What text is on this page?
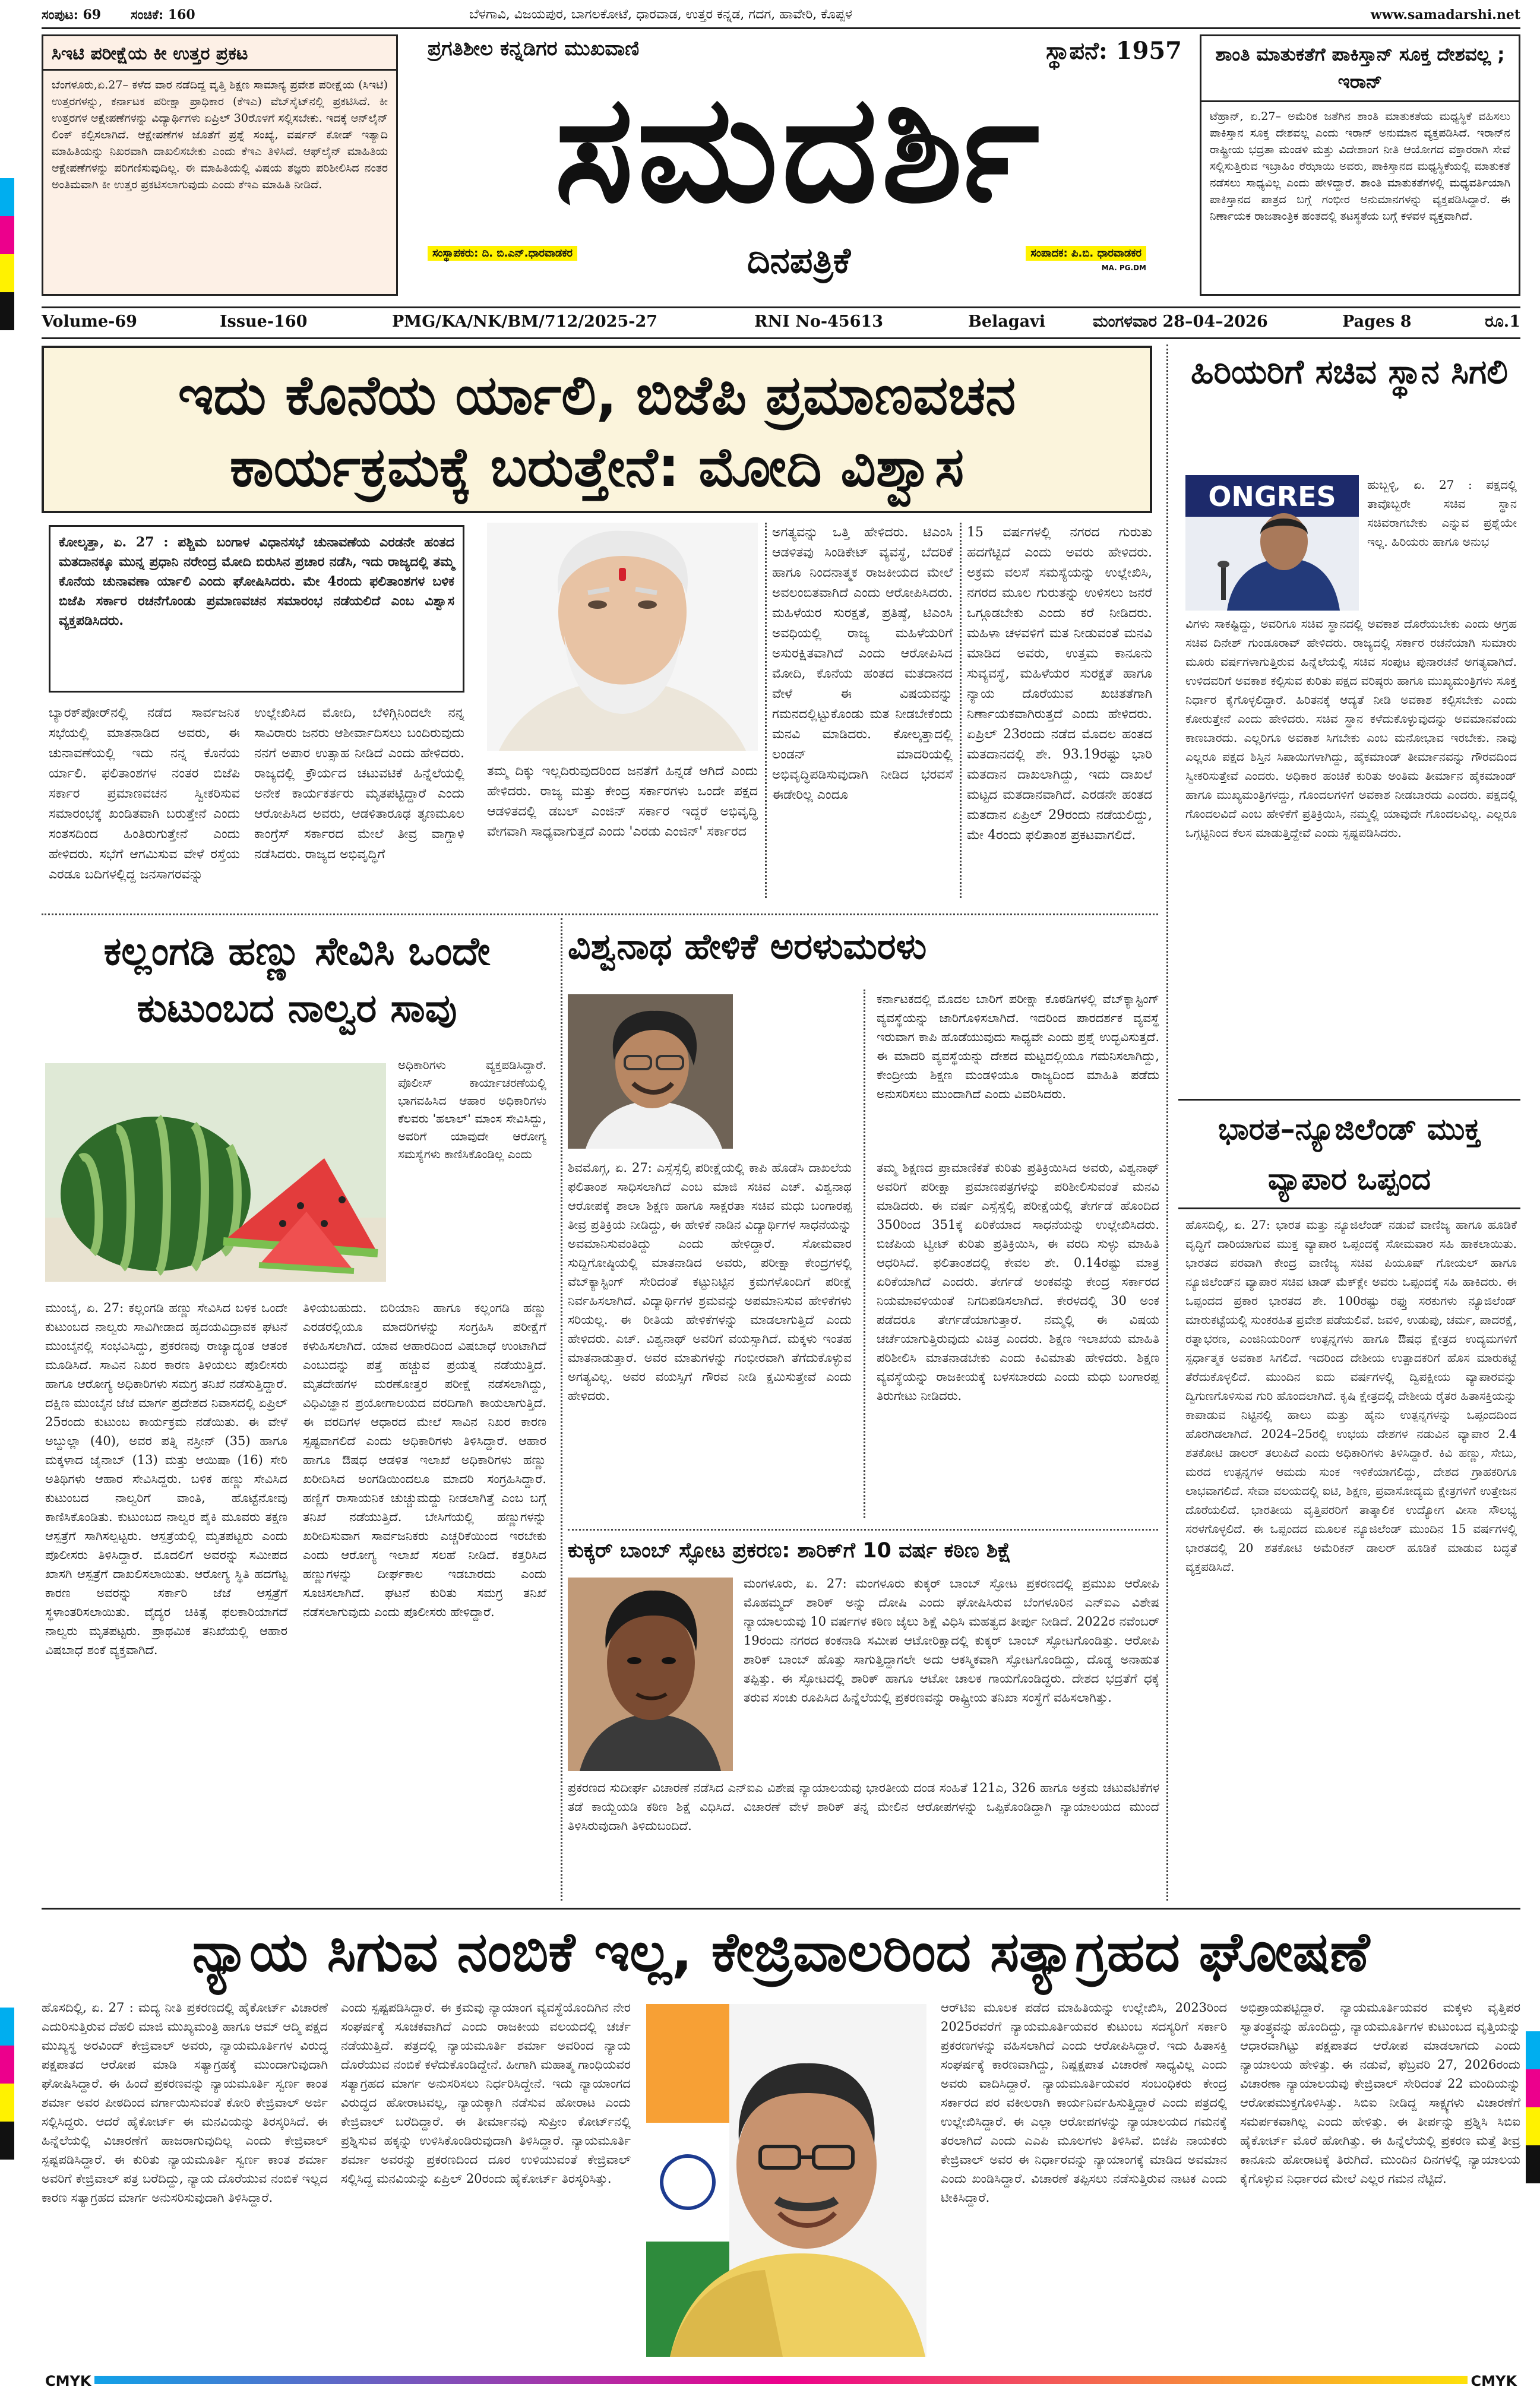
ಸಂಪುಟ: 69 ಸಂಚಿಕೆ: 160	ಬೆಳಗಾವಿ, ವಿಜಯಪುರ, ಬಾಗಲಕೋಟೆ, ಧಾರವಾಡ, ಉತ್ತರ ಕನ್ನಡ, ಗದಗ, ಹಾವೇರಿ, ಕೊಪ್ಪಳ	www.samadarshi.net
ಸಿಇಟಿ ಪರೀಕ್ಷೆಯ ಕೀ ಉತ್ತರ ಪ್ರಕಟ
ಬೆಂಗಳೂರು,ಏ.27– ಕಳೆದ ವಾರ ನಡೆದಿದ್ದ ವೃತ್ತಿ ಶಿಕ್ಷಣ ಸಾಮಾನ್ಯ ಪ್ರವೇಶ ಪರೀಕ್ಷೆಯ (ಸಿಇಟಿ) ಉತ್ತರಗಳನ್ನು, ಕರ್ನಾಟಕ ಪರೀಕ್ಷಾ ಪ್ರಾಧಿಕಾರ (ಕೆಇಎ) ವೆಬ್‌ಸೈಟ್‌ನಲ್ಲಿ ಪ್ರಕಟಿಸಿದೆ. ಕೀ ಉತ್ತರಗಳ ಆಕ್ಷೇಪಣೆಗಳನ್ನು ವಿದ್ಯಾರ್ಥಿಗಳು ಏಪ್ರಿಲ್ 30ರೊಳಗೆ ಸಲ್ಲಿಸಬೇಕು. ಇದಕ್ಕೆ ಆನ್‌ಲೈನ್ ಲಿಂಕ್ ಕಲ್ಪಿಸಲಾಗಿದೆ. ಆಕ್ಷೇಪಣೆಗಳ ಜೊತೆಗೆ ಪ್ರಶ್ನೆ ಸಂಖ್ಯೆ, ವರ್ಷನ್ ಕೋಡ್ ಇತ್ಯಾದಿ ಮಾಹಿತಿಯನ್ನು ನಿಖರವಾಗಿ ದಾಖಲಿಸಬೇಕು ಎಂದು ಕೆಇಎ ತಿಳಿಸಿದೆ. ಆಫ್‌ಲೈನ್ ಮಾಹಿತಿಯ ಆಕ್ಷೇಪಣೆಗಳನ್ನು ಪರಿಗಣಿಸುವುದಿಲ್ಲ. ಈ ಮಾಹಿತಿಯಲ್ಲಿ ವಿಷಯ ತಜ್ಞರು ಪರಿಶೀಲಿಸಿದ ನಂತರ ಅಂತಿಮವಾಗಿ ಕೀ ಉತ್ತರ ಪ್ರಕಟಿಸಲಾಗುವುದು ಎಂದು ಕೆಇಎ ಮಾಹಿತಿ ನೀಡಿದೆ.
ಪ್ರಗತಿಶೀಲ ಕನ್ನಡಿಗರ ಮುಖವಾಣಿ	ಸ್ಥಾಪನೆ: 1957
ಸಮದರ್ಶಿ
ಸಂಸ್ಥಾಪಕರು: ದಿ. ಬಿ.ಎನ್.ಧಾರವಾಡಕರ	ದಿನಪತ್ರಿಕೆ	ಸಂಪಾದಕ: ಪಿ.ಬಿ. ಧಾರವಾಡಕರ
MA. PG.DM
ಶಾಂತಿ ಮಾತುಕತೆಗೆ ಪಾಕಿಸ್ತಾನ್ ಸೂಕ್ತ ದೇಶವಲ್ಲ ; ಇರಾನ್
ಟೆಹ್ರಾನ್, ಏ.27– ಅಮೆರಿಕ ಜತೆಗಿನ ಶಾಂತಿ ಮಾತುಕತೆಯ ಮಧ್ಯಸ್ಥಿಕೆ ವಹಿಸಲು ಪಾಕಿಸ್ತಾನ ಸೂಕ್ತ ದೇಶವಲ್ಲ ಎಂದು ಇರಾನ್ ಅನುಮಾನ ವ್ಯಕ್ತಪಡಿಸಿದೆ. ಇರಾನ್‌ನ ರಾಷ್ಟ್ರೀಯ ಭದ್ರತಾ ಮಂಡಳಿ ಮತ್ತು ವಿದೇಶಾಂಗ ನೀತಿ ಆಯೋಗದ ವಕ್ತಾರರಾಗಿ ಸೇವೆ ಸಲ್ಲಿಸುತ್ತಿರುವ ಇಬ್ರಾಹಿಂ ರೆಝಾಯಿ ಅವರು, ಪಾಕಿಸ್ತಾನದ ಮಧ್ಯಸ್ಥಿಕೆಯಲ್ಲಿ ಮಾತುಕತೆ ನಡೆಸಲು ಸಾಧ್ಯವಿಲ್ಲ ಎಂದು ಹೇಳಿದ್ದಾರೆ. ಶಾಂತಿ ಮಾತುಕತೆಗಳಲ್ಲಿ ಮಧ್ಯವರ್ತಿಯಾಗಿ ಪಾಕಿಸ್ತಾನದ ಪಾತ್ರದ ಬಗ್ಗೆ ಗಂಭೀರ ಅನುಮಾನಗಳನ್ನು ವ್ಯಕ್ತಪಡಿಸಿದ್ದಾರೆ. ಈ ನಿರ್ಣಾಯಕ ರಾಜತಾಂತ್ರಿಕ ಹಂತದಲ್ಲಿ ತಟಸ್ಥತೆಯ ಬಗ್ಗೆ ಕಳವಳ ವ್ಯಕ್ತವಾಗಿದೆ.
Volume-69	Issue-160	PMG/KA/NK/BM/712/2025-27	RNI No-45613	Belagavi	ಮಂಗಳವಾರ 28–04–2026	Pages 8	ರೂ.1
ಇದು ಕೊನೆಯ ರ್ಯಾಲಿ, ಬಿಜೆಪಿ ಪ್ರಮಾಣವಚನ
ಕಾರ್ಯಕ್ರಮಕ್ಕೆ ಬರುತ್ತೇನೆ: ಮೋದಿ ವಿಶ್ವಾಸ
ಕೋಲ್ಕತ್ತಾ, ಏ. 27 : ಪಶ್ಚಿಮ ಬಂಗಾಳ ವಿಧಾನಸಭೆ ಚುನಾವಣೆಯ ಎರಡನೇ ಹಂತದ ಮತದಾನಕ್ಕೂ ಮುನ್ನ ಪ್ರಧಾನಿ ನರೇಂದ್ರ ಮೋದಿ ಬಿರುಸಿನ ಪ್ರಚಾರ ನಡೆಸಿ, ಇದು ರಾಜ್ಯದಲ್ಲಿ ತಮ್ಮ ಕೊನೆಯ ಚುನಾವಣಾ ರ್ಯಾಲಿ ಎಂದು ಘೋಷಿಸಿದರು. ಮೇ 4ರಂದು ಫಲಿತಾಂಶಗಳ ಬಳಿಕ ಬಿಜೆಪಿ ಸರ್ಕಾರ ರಚನೆಗೊಂಡು ಪ್ರಮಾಣವಚನ ಸಮಾರಂಭ ನಡೆಯಲಿದೆ ಎಂಬ ವಿಶ್ವಾಸ ವ್ಯಕ್ತಪಡಿಸಿದರು.
ಬ್ಯಾರಕ್‌ಪೋರ್‌ನಲ್ಲಿ ನಡೆದ ಸಾರ್ವಜನಿಕ ಸಭೆಯಲ್ಲಿ ಮಾತನಾಡಿದ ಅವರು, ಈ ಚುನಾವಣೆಯಲ್ಲಿ ಇದು ನನ್ನ ಕೊನೆಯ ರ್ಯಾಲಿ. ಫಲಿತಾಂಶಗಳ ನಂತರ ಬಿಜೆಪಿ ಸರ್ಕಾರ ಪ್ರಮಾಣವಚನ ಸ್ವೀಕರಿಸುವ ಸಮಾರಂಭಕ್ಕೆ ಖಂಡಿತವಾಗಿ ಬರುತ್ತೇನೆ ಎಂದು ಸಂತಸದಿಂದ ಹಿಂತಿರುಗುತ್ತೇನೆ ಎಂದು ಹೇಳಿದರು. ಸಭೆಗೆ ಆಗಮಿಸುವ ವೇಳೆ ರಸ್ತೆಯ ಎರಡೂ ಬದಿಗಳಲ್ಲಿದ್ದ ಜನಸಾಗರವನ್ನು
ಉಲ್ಲೇಖಿಸಿದ ಮೋದಿ, ಬೆಳಿಗ್ಗಿನಿಂದಲೇ ನನ್ನ ಸಾವಿರಾರು ಜನರು ಆಶೀರ್ವಾದಿಸಲು ಬಂದಿರುವುದು ನನಗೆ ಅಪಾರ ಉತ್ಸಾಹ ನೀಡಿದೆ ಎಂದು ಹೇಳಿದರು. ರಾಜ್ಯದಲ್ಲಿ ಕ್ರೌರ್ಯದ ಚಟುವಟಿಕೆ ಹಿನ್ನೆಲೆಯಲ್ಲಿ ಅನೇಕ ಕಾರ್ಯಕರ್ತರು ಮೃತಪಟ್ಟಿದ್ದಾರೆ ಎಂದು ಆರೋಪಿಸಿದ ಅವರು, ಆಡಳಿತಾರೂಢ ತೃಣಮೂಲ ಕಾಂಗ್ರೆಸ್ ಸರ್ಕಾರದ ಮೇಲೆ ತೀವ್ರ ವಾಗ್ದಾಳಿ ನಡೆಸಿದರು. ರಾಜ್ಯದ ಅಭಿವೃದ್ಧಿಗೆ
ತಮ್ಮ ದಿಕ್ಕು ಇಲ್ಲದಿರುವುದರಿಂದ ಜನತೆಗೆ ಹಿನ್ನಡೆ ಆಗಿದೆ ಎಂದು ಹೇಳಿದರು. ರಾಜ್ಯ ಮತ್ತು ಕೇಂದ್ರ ಸರ್ಕಾರಗಳು ಒಂದೇ ಪಕ್ಷದ ಆಡಳಿತದಲ್ಲಿ ಡಬಲ್ ಎಂಜಿನ್ ಸರ್ಕಾರ ಇದ್ದರೆ ಅಭಿವೃದ್ಧಿ ವೇಗವಾಗಿ ಸಾಧ್ಯವಾಗುತ್ತದೆ ಎಂದು 'ಎರಡು ಎಂಜಿನ್' ಸರ್ಕಾರದ
ಅಗತ್ಯವನ್ನು ಒತ್ತಿ ಹೇಳಿದರು. ಟಿಎಂಸಿ ಆಡಳಿತವು ಸಿಂಡಿಕೇಟ್ ವ್ಯವಸ್ಥೆ, ಬೆದರಿಕೆ ಹಾಗೂ ನಿಂದನಾತ್ಮಕ ರಾಜಕೀಯದ ಮೇಲೆ ಅವಲಂಬಿತವಾಗಿದೆ ಎಂದು ಆರೋಪಿಸಿದರು. ಮಹಿಳೆಯರ ಸುರಕ್ಷತೆ, ಪ್ರತಿಷ್ಠೆ, ಟಿಎಂಸಿ ಅವಧಿಯಲ್ಲಿ ರಾಜ್ಯ ಮಹಿಳೆಯರಿಗೆ ಅಸುರಕ್ಷಿತವಾಗಿದೆ ಎಂದು ಆರೋಪಿಸಿದ ಮೋದಿ, ಕೊನೆಯ ಹಂತದ ಮತದಾನದ ವೇಳೆ ಈ ವಿಷಯವನ್ನು ಗಮನದಲ್ಲಿಟ್ಟುಕೊಂಡು ಮತ ನೀಡಬೇಕೆಂದು ಮನವಿ ಮಾಡಿದರು. ಕೋಲ್ಕತ್ತಾದಲ್ಲಿ ಲಂಡನ್ ಮಾದರಿಯಲ್ಲಿ ಅಭಿವೃದ್ಧಿಪಡಿಸುವುದಾಗಿ ನೀಡಿದ ಭರವಸೆ ಈಡೇರಿಲ್ಲ ಎಂದೂ
15 ವರ್ಷಗಳಲ್ಲಿ ನಗರದ ಗುರುತು ಹದಗೆಟ್ಟಿದೆ ಎಂದು ಅವರು ಹೇಳಿದರು. ಅಕ್ರಮ ವಲಸೆ ಸಮಸ್ಯೆಯನ್ನು ಉಲ್ಲೇಖಿಸಿ, ನಗರದ ಮೂಲ ಗುರುತನ್ನು ಉಳಿಸಲು ಜನರೆ ಒಗ್ಗೂಡಬೇಕು ಎಂದು ಕರೆ ನೀಡಿದರು. ಮಹಿಳಾ ಚಳವಳಿಗೆ ಮತ ನೀಡುವಂತೆ ಮನವಿ ಮಾಡಿದ ಅವರು, ಉತ್ತಮ ಕಾನೂನು ಸುವ್ಯವಸ್ಥೆ, ಮಹಿಳೆಯರ ಸುರಕ್ಷತೆ ಹಾಗೂ ನ್ಯಾಯ ದೊರೆಯುವ ಖಚಿತತೆಗಾಗಿ ನಿರ್ಣಾಯಕವಾಗಿರುತ್ತದೆ ಎಂದು ಹೇಳಿದರು. ಏಪ್ರಿಲ್ 23ರಂದು ನಡೆದ ಮೊದಲ ಹಂತದ ಮತದಾನದಲ್ಲಿ ಶೇ. 93.19ರಷ್ಟು ಭಾರಿ ಮತದಾನ ದಾಖಲಾಗಿದ್ದು, ಇದು ದಾಖಲೆ ಮಟ್ಟದ ಮತದಾನವಾಗಿದೆ. ಎರಡನೇ ಹಂತದ ಮತದಾನ ಏಪ್ರಿಲ್ 29ರಂದು ನಡೆಯಲಿದ್ದು, ಮೇ 4ರಂದು ಫಲಿತಾಂಶ ಪ್ರಕಟವಾಗಲಿದೆ.
ಹಿರಿಯರಿಗೆ ಸಚಿವ ಸ್ಥಾನ ಸಿಗಲಿ
ONGRES	ಹುಬ್ಬಳ್ಳಿ, ಏ. 27 : ಪಕ್ಷದಲ್ಲಿ ತಾವೊಬ್ಬರೇ ಸಚಿವ ಸ್ಥಾನ ಸಚಿವರಾಗಬೇಕು ಎನ್ನುವ ಪ್ರಶ್ನೆಯೇ ಇಲ್ಲ. ಹಿರಿಯರು ಹಾಗೂ ಅನುಭ
ವಿಗಳು ಸಾಕಷ್ಟಿದ್ದು, ಅವರಿಗೂ ಸಚಿವ ಸ್ಥಾನದಲ್ಲಿ ಅವಕಾಶ ದೊರೆಯಬೇಕು ಎಂದು ಆಗ್ರಹ ಸಚಿವ ದಿನೇಶ್ ಗುಂಡೂರಾವ್ ಹೇಳಿದರು. ರಾಜ್ಯದಲ್ಲಿ ಸರ್ಕಾರ ರಚನೆಯಾಗಿ ಸುಮಾರು ಮೂರು ವರ್ಷಗಳಾಗುತ್ತಿರುವ ಹಿನ್ನೆಲೆಯಲ್ಲಿ ಸಚಿವ ಸಂಪುಟ ಪುನಾರಚನೆ ಅಗತ್ಯವಾಗಿದೆ. ಉಳಿದವರಿಗೆ ಅವಕಾಶ ಕಲ್ಪಿಸುವ ಕುರಿತು ಪಕ್ಷದ ವರಿಷ್ಠರು ಹಾಗೂ ಮುಖ್ಯಮಂತ್ರಿಗಳು ಸೂಕ್ತ ನಿರ್ಧಾರ ಕೈಗೊಳ್ಳಲಿದ್ದಾರೆ. ಹಿರಿತನಕ್ಕೆ ಆದ್ಯತೆ ನೀಡಿ ಅವಕಾಶ ಕಲ್ಪಿಸಬೇಕು ಎಂದು ಕೋರುತ್ತೇನೆ ಎಂದು ಹೇಳಿದರು. ಸಚಿವ ಸ್ಥಾನ ಕಳೆದುಕೊಳ್ಳುವುದನ್ನು ಅವಮಾನವೆಂದು ಕಾಣಬಾರದು. ಎಲ್ಲರಿಗೂ ಅವಕಾಶ ಸಿಗಬೇಕು ಎಂಬ ಮನೋಭಾವ ಇರಬೇಕು. ನಾವು ಎಲ್ಲರೂ ಪಕ್ಷದ ಶಿಸ್ತಿನ ಸಿಪಾಯಿಗಳಾಗಿದ್ದು, ಹೈಕಮಾಂಡ್ ತೀರ್ಮಾನವನ್ನು ಗೌರವದಿಂದ ಸ್ವೀಕರಿಸುತ್ತೇವೆ ಎಂದರು. ಅಧಿಕಾರ ಹಂಚಿಕೆ ಕುರಿತು ಅಂತಿಮ ತೀರ್ಮಾನ ಹೈಕಮಾಂಡ್ ಹಾಗೂ ಮುಖ್ಯಮಂತ್ರಿಗಳದ್ದು, ಗೊಂದಲಗಳಿಗೆ ಅವಕಾಶ ನೀಡಬಾರದು ಎಂದರು. ಪಕ್ಷದಲ್ಲಿ ಗೊಂದಲವಿದೆ ಎಂಬ ಹೇಳಿಕೆಗೆ ಪ್ರತಿಕ್ರಿಯಿಸಿ, ನಮ್ಮಲ್ಲಿ ಯಾವುದೇ ಗೊಂದಲವಿಲ್ಲ. ಎಲ್ಲರೂ ಒಗ್ಗಟ್ಟಿನಿಂದ ಕೆಲಸ ಮಾಡುತ್ತಿದ್ದೇವೆ ಎಂದು ಸ್ಪಷ್ಟಪಡಿಸಿದರು.
ಭಾರತ–ನ್ಯೂಜಿಲೆಂಡ್ ಮುಕ್ತ ವ್ಯಾಪಾರ ಒಪ್ಪಂದ
ಹೊಸದಿಲ್ಲಿ, ಏ. 27: ಭಾರತ ಮತ್ತು ನ್ಯೂಜಿಲೆಂಡ್ ನಡುವೆ ವಾಣಿಜ್ಯ ಹಾಗೂ ಹೂಡಿಕೆ ವೃದ್ಧಿಗೆ ದಾರಿಯಾಗುವ ಮುಕ್ತ ವ್ಯಾಪಾರ ಒಪ್ಪಂದಕ್ಕೆ ಸೋಮವಾರ ಸಹಿ ಹಾಕಲಾಯಿತು. ಭಾರತದ ಪರವಾಗಿ ಕೇಂದ್ರ ವಾಣಿಜ್ಯ ಸಚಿವ ಪಿಯೂಷ್ ಗೋಯಲ್ ಹಾಗೂ ನ್ಯೂಜಿಲೆಂಡ್‌ನ ವ್ಯಾಪಾರ ಸಚಿವ ಟಾಡ್ ಮೆಕ್‌ಕ್ಲೇ ಅವರು ಒಪ್ಪಂದಕ್ಕೆ ಸಹಿ ಹಾಕಿದರು. ಈ ಒಪ್ಪಂದದ ಪ್ರಕಾರ ಭಾರತದ ಶೇ. 100ರಷ್ಟು ರಫ್ತು ಸರಕುಗಳು ನ್ಯೂಜಿಲೆಂಡ್ ಮಾರುಕಟ್ಟೆಯಲ್ಲಿ ಸುಂಕರಹಿತ ಪ್ರವೇಶ ಪಡೆಯಲಿವೆ. ಜವಳಿ, ಉಡುಪು, ಚರ್ಮ, ಪಾದರಕ್ಷೆ, ರತ್ನಾಭರಣ, ಎಂಜಿನಿಯರಿಂಗ್ ಉತ್ಪನ್ನಗಳು ಹಾಗೂ ಔಷಧ ಕ್ಷೇತ್ರದ ಉದ್ಯಮಗಳಿಗೆ ಸ್ಪರ್ಧಾತ್ಮಕ ಅವಕಾಶ ಸಿಗಲಿದೆ. ಇದರಿಂದ ದೇಶೀಯ ಉತ್ಪಾದಕರಿಗೆ ಹೊಸ ಮಾರುಕಟ್ಟೆ ತೆರೆದುಕೊಳ್ಳಲಿದೆ. ಮುಂದಿನ ಐದು ವರ್ಷಗಳಲ್ಲಿ ದ್ವಿಪಕ್ಷೀಯ ವ್ಯಾಪಾರವನ್ನು ದ್ವಿಗುಣಗೊಳಿಸುವ ಗುರಿ ಹೊಂದಲಾಗಿದೆ. ಕೃಷಿ ಕ್ಷೇತ್ರದಲ್ಲಿ ದೇಶೀಯ ರೈತರ ಹಿತಾಸಕ್ತಿಯನ್ನು ಕಾಪಾಡುವ ನಿಟ್ಟಿನಲ್ಲಿ ಹಾಲು ಮತ್ತು ಹೈನು ಉತ್ಪನ್ನಗಳನ್ನು ಒಪ್ಪಂದದಿಂದ ಹೊರಗಿಡಲಾಗಿದೆ. 2024–25ರಲ್ಲಿ ಉಭಯ ದೇಶಗಳ ನಡುವಿನ ವ್ಯಾಪಾರ 2.4 ಶತಕೋಟಿ ಡಾಲರ್ ತಲುಪಿದೆ ಎಂದು ಅಧಿಕಾರಿಗಳು ತಿಳಿಸಿದ್ದಾರೆ. ಕಿವಿ ಹಣ್ಣು, ಸೇಬು, ಮರದ ಉತ್ಪನ್ನಗಳ ಆಮದು ಸುಂಕ ಇಳಿಕೆಯಾಗಲಿದ್ದು, ದೇಶದ ಗ್ರಾಹಕರಿಗೂ ಲಾಭವಾಗಲಿದೆ. ಸೇವಾ ವಲಯದಲ್ಲಿ ಐಟಿ, ಶಿಕ್ಷಣ, ಪ್ರವಾಸೋದ್ಯಮ ಕ್ಷೇತ್ರಗಳಿಗೆ ಉತ್ತೇಜನ ದೊರೆಯಲಿದೆ. ಭಾರತೀಯ ವೃತ್ತಿಪರರಿಗೆ ತಾತ್ಕಾಲಿಕ ಉದ್ಯೋಗ ವೀಸಾ ಸೌಲಭ್ಯ ಸರಳಗೊಳ್ಳಲಿದೆ. ಈ ಒಪ್ಪಂದದ ಮೂಲಕ ನ್ಯೂಜಿಲೆಂಡ್ ಮುಂದಿನ 15 ವರ್ಷಗಳಲ್ಲಿ ಭಾರತದಲ್ಲಿ 20 ಶತಕೋಟಿ ಅಮೆರಿಕನ್ ಡಾಲರ್ ಹೂಡಿಕೆ ಮಾಡುವ ಬದ್ಧತೆ ವ್ಯಕ್ತಪಡಿಸಿದೆ.
ಕಲ್ಲಂಗಡಿ ಹಣ್ಣು ಸೇವಿಸಿ ಒಂದೇ
ಕುಟುಂಬದ ನಾಲ್ವರ ಸಾವು
ಅಧಿಕಾರಿಗಳು ವ್ಯಕ್ತಪಡಿಸಿದ್ದಾರೆ. ಪೊಲೀಸ್ ಕಾರ್ಯಾಚರಣೆಯಲ್ಲಿ ಭಾಗವಹಿಸಿದ ಆಹಾರ ಅಧಿಕಾರಿಗಳು ಕೆಲವರು 'ಹಲಾಲ್' ಮಾಂಸ ಸೇವಿಸಿದ್ದು, ಅವರಿಗೆ ಯಾವುದೇ ಆರೋಗ್ಯ ಸಮಸ್ಯೆಗಳು ಕಾಣಿಸಿಕೊಂಡಿಲ್ಲ ಎಂದು
ಮುಂಬೈ, ಏ. 27: ಕಲ್ಲಂಗಡಿ ಹಣ್ಣು ಸೇವಿಸಿದ ಬಳಿಕ ಒಂದೇ ಕುಟುಂಬದ ನಾಲ್ವರು ಸಾವಿಗೀಡಾದ ಹೃದಯವಿದ್ರಾವಕ ಘಟನೆ ಮುಂಬೈನಲ್ಲಿ ಸಂಭವಿಸಿದ್ದು, ಪ್ರಕರಣವು ರಾಜ್ಯಾದ್ಯಂತ ಆತಂಕ ಮೂಡಿಸಿದೆ. ಸಾವಿನ ನಿಖರ ಕಾರಣ ತಿಳಿಯಲು ಪೊಲೀಸರು ಹಾಗೂ ಆರೋಗ್ಯ ಅಧಿಕಾರಿಗಳು ಸಮಗ್ರ ತನಿಖೆ ನಡೆಸುತ್ತಿದ್ದಾರೆ. ದಕ್ಷಿಣ ಮುಂಬೈನ ಜೆಜೆ ಮಾರ್ಗ ಪ್ರದೇಶದ ನಿವಾಸದಲ್ಲಿ ಏಪ್ರಿಲ್ 25ರಂದು ಕುಟುಂಬ ಕಾರ್ಯಕ್ರಮ ನಡೆಯಿತು. ಈ ವೇಳೆ ಅಬ್ದುಲ್ಲಾ (40), ಅವರ ಪತ್ನಿ ನಸ್ರೀನ್ (35) ಹಾಗೂ ಮಕ್ಕಳಾದ ಜೈನಾಬ್ (13) ಮತ್ತು ಆಯಿಷಾ (16) ಸೇರಿ ಅತಿಥಿಗಳು ಆಹಾರ ಸೇವಿಸಿದ್ದರು. ಬಳಿಕ ಹಣ್ಣು ಸೇವಿಸಿದ ಕುಟುಂಬದ ನಾಲ್ವರಿಗೆ ವಾಂತಿ, ಹೊಟ್ಟೆನೋವು ಕಾಣಿಸಿಕೊಂಡಿತು. ಕುಟುಂಬದ ನಾಲ್ವರ ಪೈಕಿ ಮೂವರು ತಕ್ಷಣ ಆಸ್ಪತ್ರೆಗೆ ಸಾಗಿಸಲ್ಪಟ್ಟರು. ಆಸ್ಪತ್ರೆಯಲ್ಲಿ ಮೃತಪಟ್ಟರು ಎಂದು ಪೊಲೀಸರು ತಿಳಿಸಿದ್ದಾರೆ. ಮೊದಲಿಗೆ ಅವರನ್ನು ಸಮೀಪದ ಖಾಸಗಿ ಆಸ್ಪತ್ರೆಗೆ ದಾಖಲಿಸಲಾಯಿತು. ಆರೋಗ್ಯ ಸ್ಥಿತಿ ಹದಗೆಟ್ಟ ಕಾರಣ ಅವರನ್ನು ಸರ್ಕಾರಿ ಜೆಜೆ ಆಸ್ಪತ್ರೆಗೆ ಸ್ಥಳಾಂತರಿಸಲಾಯಿತು. ವೈದ್ಯರ ಚಿಕಿತ್ಸೆ ಫಲಕಾರಿಯಾಗದೆ ನಾಲ್ವರು ಮೃತಪಟ್ಟರು. ಪ್ರಾಥಮಿಕ ತನಿಖೆಯಲ್ಲಿ ಆಹಾರ ವಿಷಬಾಧೆ ಶಂಕೆ ವ್ಯಕ್ತವಾಗಿದೆ.
ತಿಳಿಯಬಹುದು. ಬಿರಿಯಾನಿ ಹಾಗೂ ಕಲ್ಲಂಗಡಿ ಹಣ್ಣು ಎರಡರಲ್ಲಿಯೂ ಮಾದರಿಗಳನ್ನು ಸಂಗ್ರಹಿಸಿ ಪರೀಕ್ಷೆಗೆ ಕಳುಹಿಸಲಾಗಿದೆ. ಯಾವ ಆಹಾರದಿಂದ ವಿಷಬಾಧೆ ಉಂಟಾಗಿದೆ ಎಂಬುದನ್ನು ಪತ್ತೆ ಹಚ್ಚುವ ಪ್ರಯತ್ನ ನಡೆಯುತ್ತಿದೆ. ಮೃತದೇಹಗಳ ಮರಣೋತ್ತರ ಪರೀಕ್ಷೆ ನಡೆಸಲಾಗಿದ್ದು, ವಿಧಿವಿಜ್ಞಾನ ಪ್ರಯೋಗಾಲಯದ ವರದಿಗಾಗಿ ಕಾಯಲಾಗುತ್ತಿದೆ. ಈ ವರದಿಗಳ ಆಧಾರದ ಮೇಲೆ ಸಾವಿನ ನಿಖರ ಕಾರಣ ಸ್ಪಷ್ಟವಾಗಲಿದೆ ಎಂದು ಅಧಿಕಾರಿಗಳು ತಿಳಿಸಿದ್ದಾರೆ. ಆಹಾರ ಹಾಗೂ ಔಷಧ ಆಡಳಿತ ಇಲಾಖೆ ಅಧಿಕಾರಿಗಳು ಹಣ್ಣು ಖರೀದಿಸಿದ ಅಂಗಡಿಯಿಂದಲೂ ಮಾದರಿ ಸಂಗ್ರಹಿಸಿದ್ದಾರೆ. ಹಣ್ಣಿಗೆ ರಾಸಾಯನಿಕ ಚುಚ್ಚುಮದ್ದು ನೀಡಲಾಗಿತ್ತೆ ಎಂಬ ಬಗ್ಗೆ ತನಿಖೆ ನಡೆಯುತ್ತಿದೆ. ಬೇಸಿಗೆಯಲ್ಲಿ ಹಣ್ಣುಗಳನ್ನು ಖರೀದಿಸುವಾಗ ಸಾರ್ವಜನಿಕರು ಎಚ್ಚರಿಕೆಯಿಂದ ಇರಬೇಕು ಎಂದು ಆರೋಗ್ಯ ಇಲಾಖೆ ಸಲಹೆ ನೀಡಿದೆ. ಕತ್ತರಿಸಿದ ಹಣ್ಣುಗಳನ್ನು ದೀರ್ಘಕಾಲ ಇಡಬಾರದು ಎಂದು ಸೂಚಿಸಲಾಗಿದೆ. ಘಟನೆ ಕುರಿತು ಸಮಗ್ರ ತನಿಖೆ ನಡೆಸಲಾಗುವುದು ಎಂದು ಪೊಲೀಸರು ಹೇಳಿದ್ದಾರೆ.
ವಿಶ್ವನಾಥ ಹೇಳಿಕೆ ಅರಳುಮರಳು
ಕರ್ನಾಟಕದಲ್ಲಿ ಮೊದಲ ಬಾರಿಗೆ ಪರೀಕ್ಷಾ ಕೊಠಡಿಗಳಲ್ಲಿ ವೆಬ್‌ಕ್ಯಾಸ್ಟಿಂಗ್ ವ್ಯವಸ್ಥೆಯನ್ನು ಜಾರಿಗೊಳಿಸಲಾಗಿದೆ. ಇದರಿಂದ ಪಾರದರ್ಶಕ ವ್ಯವಸ್ಥೆ ಇರುವಾಗ ಕಾಪಿ ಹೊಡೆಯುವುದು ಸಾಧ್ಯವೇ ಎಂದು ಪ್ರಶ್ನೆ ಉದ್ಭವಿಸುತ್ತದೆ. ಈ ಮಾದರಿ ವ್ಯವಸ್ಥೆಯನ್ನು ದೇಶದ ಮಟ್ಟದಲ್ಲಿಯೂ ಗಮನಿಸಲಾಗಿದ್ದು, ಕೇಂದ್ರೀಯ ಶಿಕ್ಷಣ ಮಂಡಳಿಯೂ ರಾಜ್ಯದಿಂದ ಮಾಹಿತಿ ಪಡೆದು ಅನುಸರಿಸಲು ಮುಂದಾಗಿದೆ ಎಂದು ವಿವರಿಸಿದರು.
ಶಿವಮೊಗ್ಗ, ಏ. 27: ಎಸ್ಸೆಸ್ಸೆಲ್ಸಿ ಪರೀಕ್ಷೆಯಲ್ಲಿ ಕಾಪಿ ಹೊಡೆಸಿ ದಾಖಲೆಯ ಫಲಿತಾಂಶ ಸಾಧಿಸಲಾಗಿದೆ ಎಂಬ ಮಾಜಿ ಸಚಿವ ಎಚ್. ವಿಶ್ವನಾಥ ಆರೋಪಕ್ಕೆ ಶಾಲಾ ಶಿಕ್ಷಣ ಹಾಗೂ ಸಾಕ್ಷರತಾ ಸಚಿವ ಮಧು ಬಂಗಾರಪ್ಪ ತೀವ್ರ ಪ್ರತಿಕ್ರಿಯೆ ನೀಡಿದ್ದು, ಈ ಹೇಳಿಕೆ ನಾಡಿನ ವಿದ್ಯಾರ್ಥಿಗಳ ಸಾಧನೆಯನ್ನು ಅವಮಾನಿಸುವಂತಿದ್ದು ಎಂದು ಹೇಳಿದ್ದಾರೆ. ಸೋಮವಾರ ಸುದ್ದಿಗೋಷ್ಠಿಯಲ್ಲಿ ಮಾತನಾಡಿದ ಅವರು, ಪರೀಕ್ಷಾ ಕೇಂದ್ರಗಳಲ್ಲಿ ವೆಬ್‌ಕ್ಯಾಸ್ಟಿಂಗ್ ಸೇರಿದಂತೆ ಕಟ್ಟುನಿಟ್ಟಿನ ಕ್ರಮಗಳೊಂದಿಗೆ ಪರೀಕ್ಷೆ ನಿರ್ವಹಿಸಲಾಗಿದೆ. ವಿದ್ಯಾರ್ಥಿಗಳ ಶ್ರಮವನ್ನು ಅಪಮಾನಿಸುವ ಹೇಳಿಕೆಗಳು ಸರಿಯಲ್ಲ. ಈ ರೀತಿಯ ಹೇಳಿಕೆಗಳನ್ನು ಮಾಡಲಾಗುತ್ತಿದೆ ಎಂದು ಹೇಳಿದರು. ಎಚ್. ವಿಶ್ವನಾಥ್ ಅವರಿಗೆ ವಯಸ್ಸಾಗಿದೆ. ಮಕ್ಕಳು ಇಂತಹ ಮಾತನಾಡುತ್ತಾರೆ. ಅವರ ಮಾತುಗಳನ್ನು ಗಂಭೀರವಾಗಿ ತೆಗೆದುಕೊಳ್ಳುವ ಅಗತ್ಯವಿಲ್ಲ. ಅವರ ವಯಸ್ಸಿಗೆ ಗೌರವ ನೀಡಿ ಕ್ಷಮಿಸುತ್ತೇವೆ ಎಂದು ಹೇಳಿದರು.
ತಮ್ಮ ಶಿಕ್ಷಣದ ಪ್ರಾಮಾಣಿಕತೆ ಕುರಿತು ಪ್ರತಿಕ್ರಿಯಿಸಿದ ಅವರು, ವಿಶ್ವನಾಥ್ ಅವರಿಗೆ ಪರೀಕ್ಷಾ ಪ್ರಮಾಣಪತ್ರಗಳನ್ನು ಪರಿಶೀಲಿಸುವಂತೆ ಮನವಿ ಮಾಡಿದರು. ಈ ವರ್ಷ ಎಸ್ಸೆಸ್ಸೆಲ್ಸಿ ಪರೀಕ್ಷೆಯಲ್ಲಿ ತೇರ್ಗಡೆ ಹೊಂದಿದ 350ರಿಂದ 351ಕ್ಕೆ ಏರಿಕೆಯಾದ ಸಾಧನೆಯನ್ನು ಉಲ್ಲೇಖಿಸಿದರು. ಬಿಜೆಪಿಯ ಟ್ವೀಟ್ ಕುರಿತು ಪ್ರತಿಕ್ರಿಯಿಸಿ, ಈ ವರದಿ ಸುಳ್ಳು ಮಾಹಿತಿ ಆಧರಿಸಿದೆ. ಫಲಿತಾಂಶದಲ್ಲಿ ಕೇವಲ ಶೇ. 0.14ರಷ್ಟು ಮಾತ್ರ ಏರಿಕೆಯಾಗಿದೆ ಎಂದರು. ತೇರ್ಗಡೆ ಅಂಕವನ್ನು ಕೇಂದ್ರ ಸರ್ಕಾರದ ನಿಯಮಾವಳಿಯಂತೆ ನಿಗದಿಪಡಿಸಲಾಗಿದೆ. ಕೇರಳದಲ್ಲಿ 30 ಅಂಕ ಪಡೆದರೂ ತೇರ್ಗಡೆಯಾಗುತ್ತಾರೆ. ನಮ್ಮಲ್ಲಿ ಈ ವಿಷಯ ಚರ್ಚೆಯಾಗುತ್ತಿರುವುದು ವಿಚಿತ್ರ ಎಂದರು. ಶಿಕ್ಷಣ ಇಲಾಖೆಯ ಮಾಹಿತಿ ಪರಿಶೀಲಿಸಿ ಮಾತನಾಡಬೇಕು ಎಂದು ಕಿವಿಮಾತು ಹೇಳಿದರು. ಶಿಕ್ಷಣ ವ್ಯವಸ್ಥೆಯನ್ನು ರಾಜಕೀಯಕ್ಕೆ ಬಳಸಬಾರದು ಎಂದು ಮಧು ಬಂಗಾರಪ್ಪ ತಿರುಗೇಟು ನೀಡಿದರು.
ಕುಕ್ಕರ್ ಬಾಂಬ್ ಸ್ಫೋಟ ಪ್ರಕರಣ: ಶಾರಿಕ್‌ಗೆ 10 ವರ್ಷ ಕಠಿಣ ಶಿಕ್ಷೆ
ಮಂಗಳೂರು, ಏ. 27: ಮಂಗಳೂರು ಕುಕ್ಕರ್ ಬಾಂಬ್ ಸ್ಫೋಟ ಪ್ರಕರಣದಲ್ಲಿ ಪ್ರಮುಖ ಆರೋಪಿ ಮೊಹಮ್ಮದ್ ಶಾರಿಕ್ ಅನ್ನು ದೋಷಿ ಎಂದು ಘೋಷಿಸಿರುವ ಬೆಂಗಳೂರಿನ ಎನ್‌ಐಎ ವಿಶೇಷ ನ್ಯಾಯಾಲಯವು 10 ವರ್ಷಗಳ ಕಠಿಣ ಜೈಲು ಶಿಕ್ಷೆ ವಿಧಿಸಿ ಮಹತ್ವದ ತೀರ್ಪು ನೀಡಿದೆ. 2022ರ ನವೆಂಬರ್ 19ರಂದು ನಗರದ ಕಂಕನಾಡಿ ಸಮೀಪ ಆಟೋರಿಕ್ಷಾದಲ್ಲಿ ಕುಕ್ಕರ್ ಬಾಂಬ್ ಸ್ಫೋಟಗೊಂಡಿತ್ತು. ಆರೋಪಿ ಶಾರಿಕ್ ಬಾಂಬ್ ಹೊತ್ತು ಸಾಗುತ್ತಿದ್ದಾಗಲೇ ಅದು ಆಕಸ್ಮಿಕವಾಗಿ ಸ್ಫೋಟಗೊಂಡಿದ್ದು, ದೊಡ್ಡ ಅನಾಹುತ ತಪ್ಪಿತ್ತು. ಈ ಸ್ಫೋಟದಲ್ಲಿ ಶಾರಿಕ್ ಹಾಗೂ ಆಟೋ ಚಾಲಕ ಗಾಯಗೊಂಡಿದ್ದರು. ದೇಶದ ಭದ್ರತೆಗೆ ಧಕ್ಕೆ ತರುವ ಸಂಚು ರೂಪಿಸಿದ ಹಿನ್ನೆಲೆಯಲ್ಲಿ ಪ್ರಕರಣವನ್ನು ರಾಷ್ಟ್ರೀಯ ತನಿಖಾ ಸಂಸ್ಥೆಗೆ ವಹಿಸಲಾಗಿತ್ತು.
ಪ್ರಕರಣದ ಸುದೀರ್ಘ ವಿಚಾರಣೆ ನಡೆಸಿದ ಎನ್‌ಐಎ ವಿಶೇಷ ನ್ಯಾಯಾಲಯವು ಭಾರತೀಯ ದಂಡ ಸಂಹಿತೆ 121ಎ, 326 ಹಾಗೂ ಅಕ್ರಮ ಚಟುವಟಿಕೆಗಳ ತಡೆ ಕಾಯ್ದೆಯಡಿ ಕಠಿಣ ಶಿಕ್ಷೆ ವಿಧಿಸಿದೆ. ವಿಚಾರಣೆ ವೇಳೆ ಶಾರಿಕ್ ತನ್ನ ಮೇಲಿನ ಆರೋಪಗಳನ್ನು ಒಪ್ಪಿಕೊಂಡಿದ್ದಾಗಿ ನ್ಯಾಯಾಲಯದ ಮುಂದೆ ತಿಳಿಸಿರುವುದಾಗಿ ತಿಳಿದುಬಂದಿದೆ.
ನ್ಯಾಯ ಸಿಗುವ ನಂಬಿಕೆ ಇಲ್ಲ, ಕೇಜ್ರಿವಾಲರಿಂದ ಸತ್ಯಾಗ್ರಹದ ಘೋಷಣೆ
ಹೊಸದಿಲ್ಲಿ, ಏ. 27 : ಮದ್ಯ ನೀತಿ ಪ್ರಕರಣದಲ್ಲಿ ಹೈಕೋರ್ಟ್ ವಿಚಾರಣೆ ಎದುರಿಸುತ್ತಿರುವ ದೆಹಲಿ ಮಾಜಿ ಮುಖ್ಯಮಂತ್ರಿ ಹಾಗೂ ಆಮ್ ಆದ್ಮಿ ಪಕ್ಷದ ಮುಖ್ಯಸ್ಥ ಅರವಿಂದ್ ಕೇಜ್ರಿವಾಲ್ ಅವರು, ನ್ಯಾಯಮೂರ್ತಿಗಳ ವಿರುದ್ಧ ಪಕ್ಷಪಾತದ ಆರೋಪ ಮಾಡಿ ಸತ್ಯಾಗ್ರಹಕ್ಕೆ ಮುಂದಾಗುವುದಾಗಿ ಘೋಷಿಸಿದ್ದಾರೆ. ಈ ಹಿಂದೆ ಪ್ರಕರಣವನ್ನು ನ್ಯಾಯಮೂರ್ತಿ ಸ್ವರ್ಣ ಕಾಂತ ಶರ್ಮಾ ಅವರ ಪೀಠದಿಂದ ವರ್ಗಾಯಿಸುವಂತೆ ಕೋರಿ ಕೇಜ್ರಿವಾಲ್ ಅರ್ಜಿ ಸಲ್ಲಿಸಿದ್ದರು. ಆದರೆ ಹೈಕೋರ್ಟ್ ಈ ಮನವಿಯನ್ನು ತಿರಸ್ಕರಿಸಿದೆ. ಈ ಹಿನ್ನೆಲೆಯಲ್ಲಿ ವಿಚಾರಣೆಗೆ ಹಾಜರಾಗುವುದಿಲ್ಲ ಎಂದು ಕೇಜ್ರಿವಾಲ್ ಸ್ಪಷ್ಟಪಡಿಸಿದ್ದಾರೆ. ಈ ಕುರಿತು ನ್ಯಾಯಮೂರ್ತಿ ಸ್ವರ್ಣ ಕಾಂತ ಶರ್ಮಾ ಅವರಿಗೆ ಕೇಜ್ರಿವಾಲ್ ಪತ್ರ ಬರೆದಿದ್ದು, ನ್ಯಾಯ ದೊರೆಯುವ ನಂಬಿಕೆ ಇಲ್ಲದ ಕಾರಣ ಸತ್ಯಾಗ್ರಹದ ಮಾರ್ಗ ಅನುಸರಿಸುವುದಾಗಿ ತಿಳಿಸಿದ್ದಾರೆ.
ಎಂದು ಸ್ಪಷ್ಟಪಡಿಸಿದ್ದಾರೆ. ಈ ಕ್ರಮವು ನ್ಯಾಯಾಂಗ ವ್ಯವಸ್ಥೆಯೊಂದಿಗಿನ ನೇರ ಸಂಘರ್ಷಕ್ಕೆ ಸೂಚಕವಾಗಿದೆ ಎಂದು ರಾಜಕೀಯ ವಲಯದಲ್ಲಿ ಚರ್ಚೆ ನಡೆಯುತ್ತಿದೆ. ಪತ್ರದಲ್ಲಿ ನ್ಯಾಯಮೂರ್ತಿ ಶರ್ಮಾ ಅವರಿಂದ ನ್ಯಾಯ ದೊರೆಯುವ ನಂಬಿಕೆ ಕಳೆದುಕೊಂಡಿದ್ದೇನೆ. ಹೀಗಾಗಿ ಮಹಾತ್ಮ ಗಾಂಧಿಯವರ ಸತ್ಯಾಗ್ರಹದ ಮಾರ್ಗ ಅನುಸರಿಸಲು ನಿರ್ಧರಿಸಿದ್ದೇನೆ. ಇದು ನ್ಯಾಯಾಂಗದ ವಿರುದ್ಧದ ಹೋರಾಟವಲ್ಲ, ನ್ಯಾಯಕ್ಕಾಗಿ ನಡೆಸುವ ಹೋರಾಟ ಎಂದು ಕೇಜ್ರಿವಾಲ್ ಬರೆದಿದ್ದಾರೆ. ಈ ತೀರ್ಮಾನವು ಸುಪ್ರೀಂ ಕೋರ್ಟ್‌ನಲ್ಲಿ ಪ್ರಶ್ನಿಸುವ ಹಕ್ಕನ್ನು ಉಳಿಸಿಕೊಂಡಿರುವುದಾಗಿ ತಿಳಿಸಿದ್ದಾರೆ. ನ್ಯಾಯಮೂರ್ತಿ ಶರ್ಮಾ ಅವರನ್ನು ಪ್ರಕರಣದಿಂದ ದೂರ ಉಳಿಯುವಂತೆ ಕೇಜ್ರಿವಾಲ್ ಸಲ್ಲಿಸಿದ್ದ ಮನವಿಯನ್ನು ಏಪ್ರಿಲ್ 20ರಂದು ಹೈಕೋರ್ಟ್ ತಿರಸ್ಕರಿಸಿತ್ತು.
ಆರ್‌ಟಿಐ ಮೂಲಕ ಪಡೆದ ಮಾಹಿತಿಯನ್ನು ಉಲ್ಲೇಖಿಸಿ, 2023ರಿಂದ 2025ರವರೆಗೆ ನ್ಯಾಯಮೂರ್ತಿಯವರ ಕುಟುಂಬ ಸದಸ್ಯರಿಗೆ ಸರ್ಕಾರಿ ಪ್ರಕರಣಗಳನ್ನು ವಹಿಸಲಾಗಿದೆ ಎಂದು ಆರೋಪಿಸಿದ್ದಾರೆ. ಇದು ಹಿತಾಸಕ್ತಿ ಸಂಘರ್ಷಕ್ಕೆ ಕಾರಣವಾಗಿದ್ದು, ನಿಷ್ಪಕ್ಷಪಾತ ವಿಚಾರಣೆ ಸಾಧ್ಯವಿಲ್ಲ ಎಂದು ಅವರು ವಾದಿಸಿದ್ದಾರೆ. ನ್ಯಾಯಮೂರ್ತಿಯವರ ಸಂಬಂಧಿಕರು ಕೇಂದ್ರ ಸರ್ಕಾರದ ಪರ ವಕೀಲರಾಗಿ ಕಾರ್ಯನಿರ್ವಹಿಸುತ್ತಿದ್ದಾರೆ ಎಂದು ಪತ್ರದಲ್ಲಿ ಉಲ್ಲೇಖಿಸಿದ್ದಾರೆ. ಈ ಎಲ್ಲಾ ಆರೋಪಗಳನ್ನು ನ್ಯಾಯಾಲಯದ ಗಮನಕ್ಕೆ ತರಲಾಗಿದೆ ಎಂದು ಎಎಪಿ ಮೂಲಗಳು ತಿಳಿಸಿವೆ. ಬಿಜೆಪಿ ನಾಯಕರು ಕೇಜ್ರಿವಾಲ್ ಅವರ ಈ ನಿರ್ಧಾರವನ್ನು ನ್ಯಾಯಾಂಗಕ್ಕೆ ಮಾಡಿದ ಅವಮಾನ ಎಂದು ಖಂಡಿಸಿದ್ದಾರೆ. ವಿಚಾರಣೆ ತಪ್ಪಿಸಲು ನಡೆಸುತ್ತಿರುವ ನಾಟಕ ಎಂದು ಟೀಕಿಸಿದ್ದಾರೆ.
ಅಭಿಪ್ರಾಯಪಟ್ಟಿದ್ದಾರೆ. ನ್ಯಾಯಮೂರ್ತಿಯವರ ಮಕ್ಕಳು ವೃತ್ತಿಪರ ಸ್ವಾತಂತ್ರ್ಯವನ್ನು ಹೊಂದಿದ್ದು, ನ್ಯಾಯಮೂರ್ತಿಗಳ ಕುಟುಂಬದ ವೃತ್ತಿಯನ್ನು ಆಧಾರವಾಗಿಟ್ಟು ಪಕ್ಷಪಾತದ ಆರೋಪ ಮಾಡಲಾಗದು ಎಂದು ನ್ಯಾಯಾಲಯ ಹೇಳಿತ್ತು. ಈ ನಡುವೆ, ಫೆಬ್ರವರಿ 27, 2026ರಂದು ವಿಚಾರಣಾ ನ್ಯಾಯಾಲಯವು ಕೇಜ್ರಿವಾಲ್ ಸೇರಿದಂತೆ 22 ಮಂದಿಯನ್ನು ಆರೋಪಮುಕ್ತಗೊಳಿಸಿತ್ತು. ಸಿಬಿಐ ನೀಡಿದ್ದ ಸಾಕ್ಷ್ಯಗಳು ವಿಚಾರಣೆಗೆ ಸಮರ್ಪಕವಾಗಿಲ್ಲ ಎಂದು ಹೇಳಿತ್ತು. ಈ ತೀರ್ಪನ್ನು ಪ್ರಶ್ನಿಸಿ ಸಿಬಿಐ ಹೈಕೋರ್ಟ್ ಮೊರೆ ಹೋಗಿತ್ತು. ಈ ಹಿನ್ನೆಲೆಯಲ್ಲಿ ಪ್ರಕರಣ ಮತ್ತೆ ತೀವ್ರ ಕಾನೂನು ಹೋರಾಟಕ್ಕೆ ತಿರುಗಿದೆ. ಮುಂದಿನ ದಿನಗಳಲ್ಲಿ ನ್ಯಾಯಾಲಯ ಕೈಗೊಳ್ಳುವ ನಿರ್ಧಾರದ ಮೇಲೆ ಎಲ್ಲರ ಗಮನ ನೆಟ್ಟಿದೆ.
CMYK	CMYK
